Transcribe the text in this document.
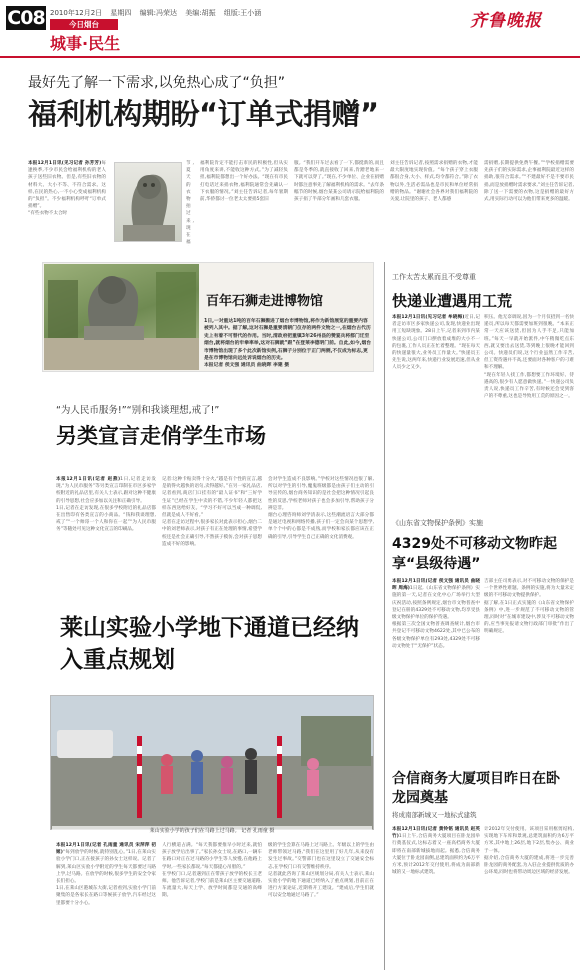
C08 2010年12月2日 星期四 编辑:冯荣达 美编:胡振 组版:王小涵
今日烟台
城事·民生
齐鲁晚报
最好先了解一下需求,以免热心成了“负担”
福利机构期盼“订单式捐赠”
本报12月1日讯(见习记者 孙芳芳)每逢换季,不少市民会给福利机构的老人孩子送些旧衣物。但是,有些旧衣物的材料大、大小不等、不符合需求。这样,在民的热心,一不小心变成福利机构的“负担”。不少福利机构呼吁“订单式捐赠”。
“有些衣物不太合时
节,夏天的衣物拍过来,现在福
福利院肯定不能打击市民的积极性,但从实用角度来讲,不能收这种方式。”为了减轻负担,福利院都想出一个好办法。“现在有市民打电话过来捐衣物,福利院通常会先确认一下衣服的情况。”刘主任告诉记者,每年暑期前,华侨都讨一位老太太要捐5套旧
服。“我们开车过去看了一下,都挺新的,而且都是冬季的,就直接收了回来,肯蹭老地来一下就可以穿了。”现在,不少单位、企业在捐赠时都注意事先了解福利机构的需求。“去年条幅节的时候,烟台某某公司请示院给福利院的孩子捐了半部分年画和几套衣服。
刘主任告诉记者,按照需求捐赠的衣物,才能最大限度地实现价值。“每个孩子穿上衣服都很合身,大小、样式,均令都符合。”除了衣物以外,生活必需品也是市民和单位经常捐赠的物品。“谢谢社会各界对我们福利院的关爱,让院里的孩子、老人都感
需捐赠,长期提供免费午餐。”“学校捐赠需要先孩子们的实际需求,企事福利院最近这样的捐助,很符合需求。”“不建最好不是不要市民捐,而是放捐赠时需求要求,”刘主任告诉记者,除了送一下需要的衣物,这是捐赠的最好方式,用实际行动可以为他们带来更多的温暖。
百年石狮走进博物馆
1日,一对重达1吨的百年石狮搬进了烟台市博物馆,将作为新馆展览的重要内容被列入其中。据了解,这对石狮是重要清朝门仪存的两件文物之一,在烟台古代历史上有着不可替代的作用。当时,清政府把重镇3年26州县的赞宴兵将都门迁至烟台,就将烟台的牢拳率举,这对石狮就“跟”在登莱李德明门前。自此,如今,烟台市博物馆出现了多个此次新馆实例,石狮子分别位于正门两侧,不仅成为标志,更是在市博物馆向远处诉说烟台的历史。
本报记者 侯文强 通讯员 曲晓晖 李建 摄
“为人民币服务!”“别和我谈理想,戒了!”
另类宣言走俏学生市场
本报12月1日讯(记者 赵燕)1日,记者走访发现,“为人民币服务”等另类宣言印制在市区多家学校附近的礼品店里,有关人士表示,跟对这种不健康的引导思想,社会应多加以关注和正确引导。
1日,记者在走访发现,在很多学校附近的礼品店都在出售印有各类宣言的小商品。“钱和我谈理想,戒了”“一个帅哥一个人和你在一起”“为人民币服务”等随处可见这种文化宣言的印刷品。
记者:这种卡贴卖得十分火,“越是有个性的宣言,越是销得火越快的语句,卖得越好。”在另一家礼品店,记者看到,商店门口挂有的“最人证书”和“三好学生证”已经在学生中卖的不错,不少年轻人都把这样东西送给好友。“学习不好可以当成一种调侃,但就是成人不好看。”
记者在走访过程中,很多家长对此表示担心,烟台二中的刘老师表示,对孩子有正在处理的事情,希望学校还是社会正确引导,不然孩子模仿,会对孩子思想造成不好的影响。
会对学生造成不良影响。”学校对这些情况也很了解,所以对学生的引导,魔鬼班级都是由孩子们主动的引导宣传的,烟台商务知识的是社会把这种情况引起良性的反思,学校老师对孩子也会多加引导,帮助孩子分辨是非。
烟台心理咨询师刘学清表示,这些潮流语言大部分都是通过电视和网络传播,孩子们一定会向某个思想学,单个个中的心都是不成熟,而学校和家长都应该在正确的引导,引导学生自己正确的文化消费观。
莱山实验小学地下通道已经纳入重点规划
莱山实验小学的孩子们在马路上过马路。 记者 孔雨童 摄
本报12月1日讯(记者 孔雨童 通讯员 宋萍萍 初姬)“每到放学的时候,就特别乱心。”1日,在莱山实验小学门口,正在接孩子的孙女士这样说。记者了解到,莱山区实验小学附近的学生每天都要过马路上学,过马路。在放学的时候,很多学生的安全令家长们担心。
1日,在莱山区港城东大街,记者看到,实验小学门前聚集的是各家长在路口等候孩子放学,汽车经过这里都要十分小心。
人行横道占满。“每天我都要推早小时过来,就怕孩子放学后出事了。”家长孙女士说,在路口,一辆车在路口对正在过马路的小学生等人放慢,在他路上学时,一些家长都说,“每天都提心吊胆的。”
在学校门口,记者遇到正在带孩子放学的校长王老师。他告诉记者,学校门前是莱山区主要交通道路,车流量大,每天上学、放学时间都是交通的高峰期。
级的学生会算在马路上过马路上。年级以上的学生由老师带领过马路,“我们在这里用了好几年,从来没有发生过事故。”交警部门也在这里设立了交通安全标志,在学校门口有交警维持秩序。
记者就此咨询了莱山区规划分局,有关人士表示,莱山实验小学的地下通道已经纳入了重点规划,目前正在进行方案论证,近期将开工建设。“建成后,学生们就可以安全地通过马路了。”
工作太苦太累而且不受尊重
快递业遭遇用工荒
本报12月1日讯(见习记者 牟晓梅)近日,记者走访市区多家快递公司,发现,快递业出现用工短缺现象。28日上午,记者来到市内某快递公司,公司门口摆放着成堆的大小不一的包裹,工作人员正在忙着整理。“现在每天的快递量很大,业务员工作量大。”快递员王先生说,这两年来,快递行业发展迅速,但从业人员少之又少。
积压。他无奈调说,因为一个月仅招到一名快递员,所以每天都需要加班到很晚。“本来正常一天应该送货,但因为人手不足,只能加班。”每天一早就开始派件,中午稍微吃点东西,就又要出去送货,等到晚上很晚才能回到公司。快递员们说,这个行业虽然工作辛苦,但工资待遇并不高,还要面对各种客户的刁难和不理解。
“现在年轻人找工作,都想要工作环境好、待遇高的,很少有人愿意做快递。”一快递公司负责人说,快递员工作辛苦,有时候还会受到客户的不尊重,这也是导致用工荒的原因之一。
《山东省文物保护条例》实施
4329处不可移动文物昨起享“县级待遇”
本报12月1日讯(记者 侯文强 通讯员 曲晓晖 周海)1日起,《山东省文物保护条例》实施的第一天,记者在文化中心广场举行大型庆祝活动,按照条例规定,烟台市文物普查中登记在册的4329处不可移动文物,均享受县级文物保护单位的保护待遇。
根据第三次全国文物普查调查统计,烟台市共登记不可移动文物4622处,其中已公布的各级文物保护单位有293处,4329处不可移动文物处于“无保护”状态。
吉部主任司勇表示,对不可移动文物的保护是一个世界性难题。条例的实施,将为大量未定级的不可移动文物提供保护。
据了解,在1日正式实施的《山东省文物保护条例》中,进一步规范了不可移动文物的管理,同时对“在城市建设中,涉及不可移动文物的,应当事先报请文物行政部门审批”作出了明确规定。
合信商务大厦项目昨日在卧龙园奠基
将成南部新城又一地标式建筑
本报12月1日讯(记者 黄铃铭 通讯员 赵英竹)1日上午,合信商务大厦项目在卧龙园举行奠基仪式,这标志着又一座高档商务大厦即将在南部新城拔地而起。据悉,合信商务大厦位于卧龙园南侧,总建筑面积约为6万平方米,预计2012年交付使用,将成为南部新城的又一地标式建筑。
计2012年交付使用。该项目采用框剪结构,实现地下车库和景观,总建筑面积约为6万平方米,其中地上26层,地下2层,集办公、商业于一体。
据介绍,合信商务大厦的建成,将进一步完善卧龙园的商务配套,为入驻企业提供优质的办公环境,同时也将带动周边区域的经济发展。
